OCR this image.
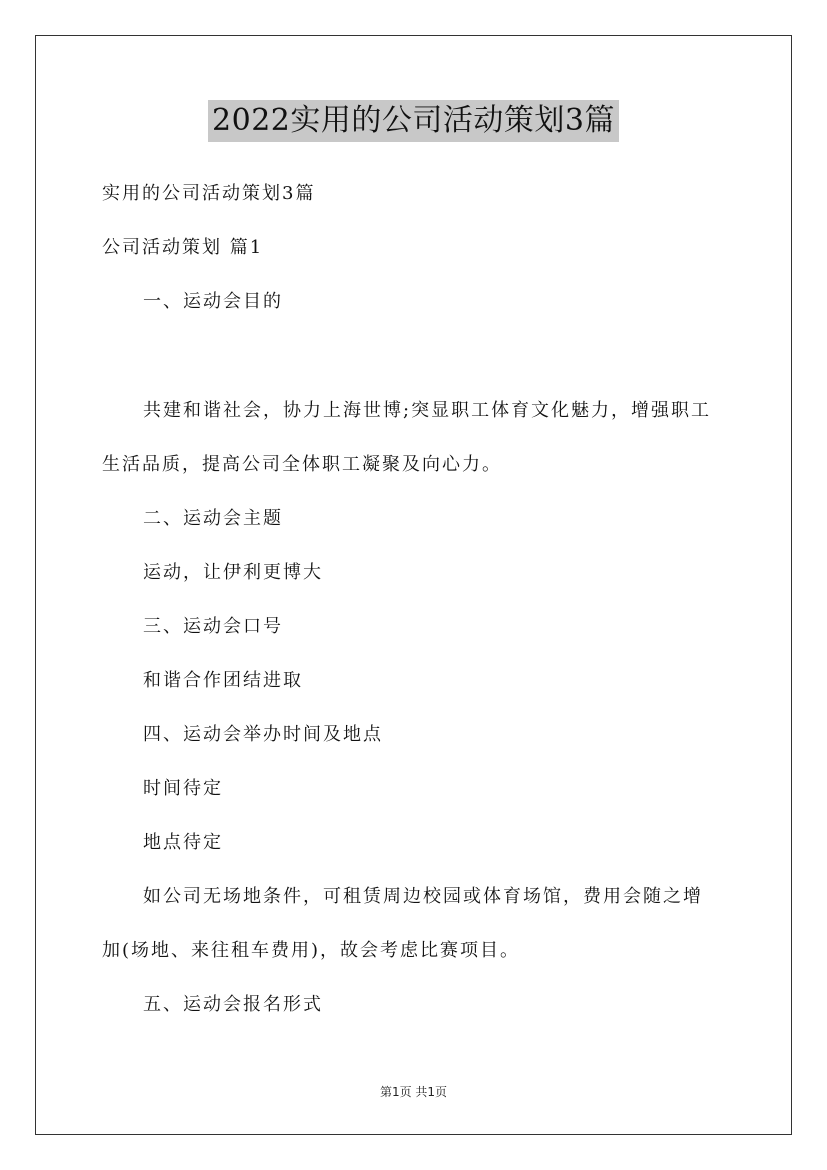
2022实用的公司活动策划3篇
实用的公司活动策划3篇
公司活动策划 篇1
一、运动会目的
共建和谐社会，协力上海世博;突显职工体育文化魅力，增强职工
生活品质，提高公司全体职工凝聚及向心力。
二、运动会主题
运动，让伊利更博大
三、运动会口号
和谐合作团结进取
四、运动会举办时间及地点
时间待定
地点待定
如公司无场地条件，可租赁周边校园或体育场馆，费用会随之增
加(场地、来往租车费用)，故会考虑比赛项目。
五、运动会报名形式
第1页 共1页
